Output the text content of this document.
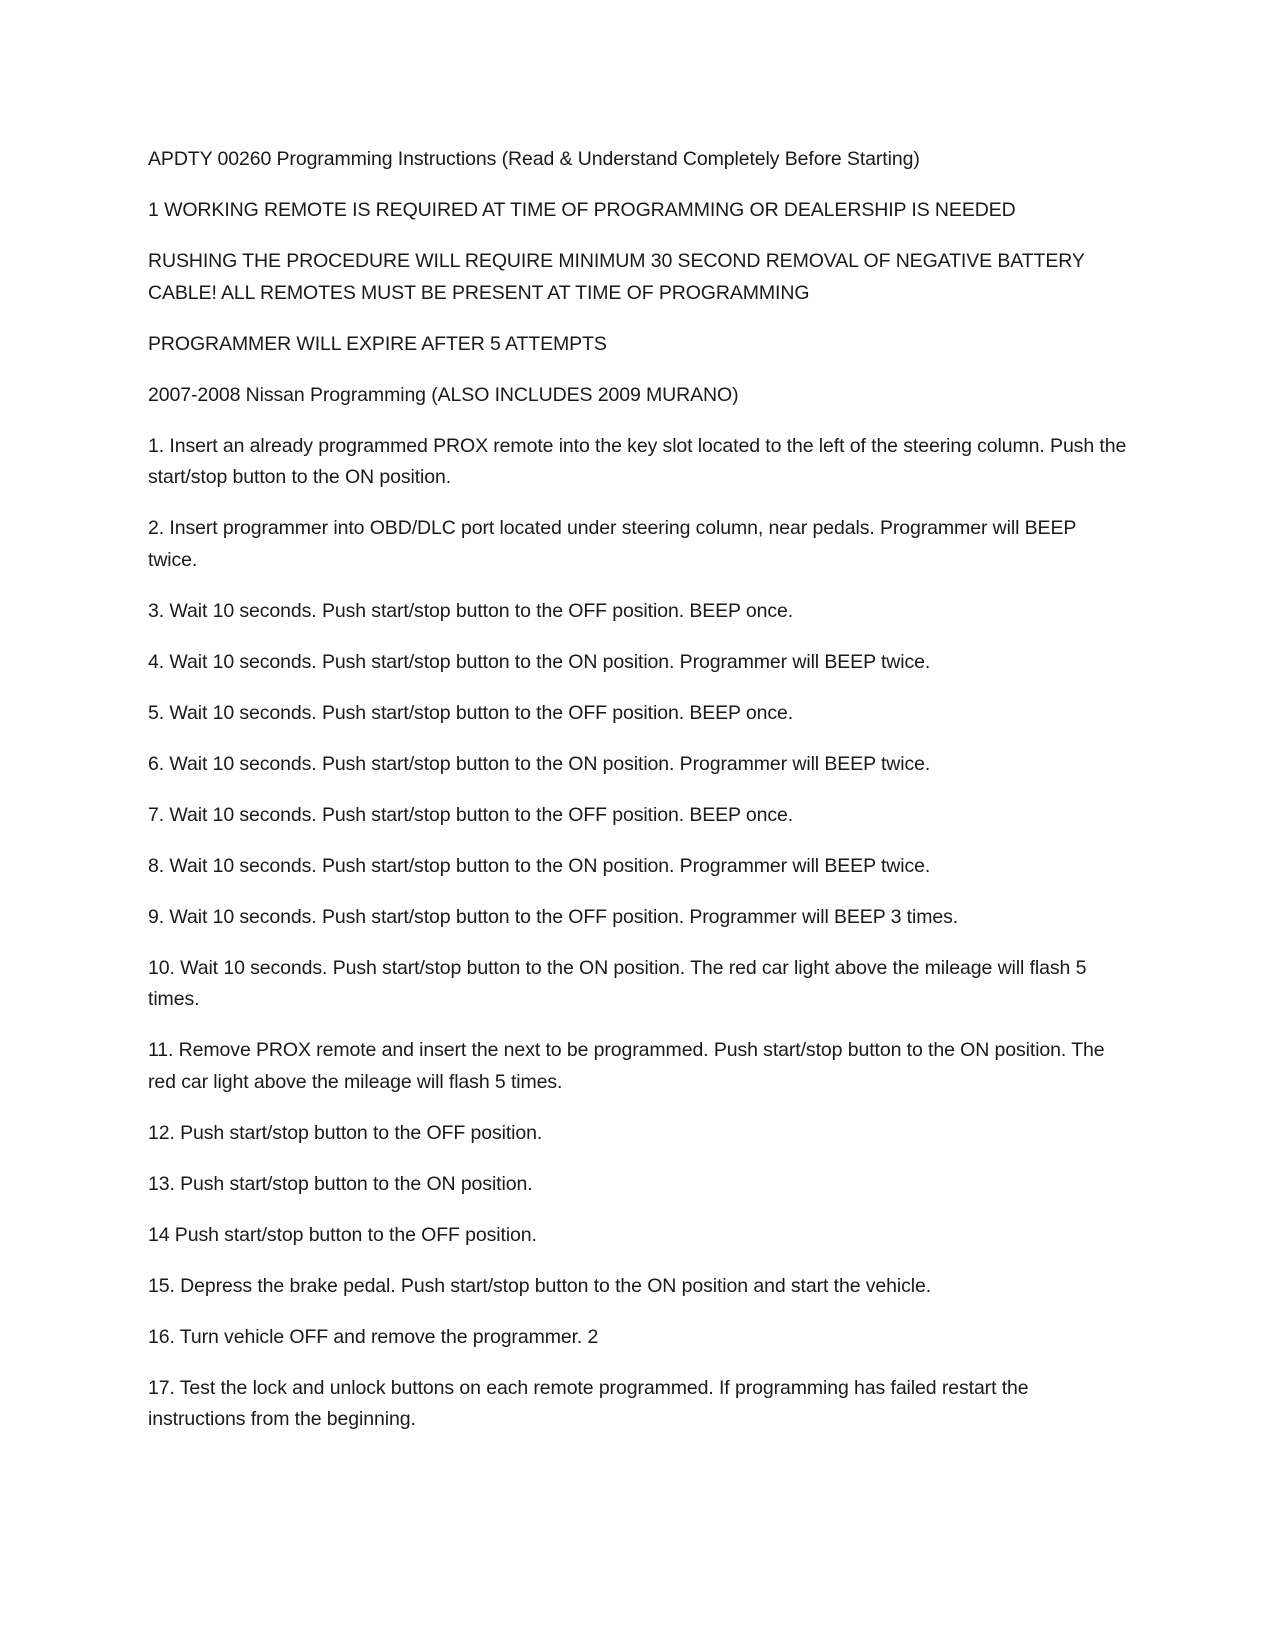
APDTY 00260 Programming Instructions (Read & Understand Completely Before Starting)

1 WORKING REMOTE IS REQUIRED AT TIME OF PROGRAMMING OR DEALERSHIP IS NEEDED

RUSHING THE PROCEDURE WILL REQUIRE MINIMUM 30 SECOND REMOVAL OF NEGATIVE BATTERY CABLE! ALL REMOTES MUST BE PRESENT AT TIME OF PROGRAMMING

PROGRAMMER WILL EXPIRE AFTER 5 ATTEMPTS

2007-2008 Nissan Programming (ALSO INCLUDES 2009 MURANO)

1. Insert an already programmed PROX remote into the key slot located to the left of the steering column. Push the start/stop button to the ON position.

2. Insert programmer into OBD/DLC port located under steering column, near pedals. Programmer will BEEP twice.

3. Wait 10 seconds. Push start/stop button to the OFF position. BEEP once.

4. Wait 10 seconds. Push start/stop button to the ON position. Programmer will BEEP twice.

5. Wait 10 seconds. Push start/stop button to the OFF position. BEEP once.

6. Wait 10 seconds. Push start/stop button to the ON position. Programmer will BEEP twice.

7. Wait 10 seconds. Push start/stop button to the OFF position. BEEP once.

8. Wait 10 seconds. Push start/stop button to the ON position. Programmer will BEEP twice.

9. Wait 10 seconds. Push start/stop button to the OFF position. Programmer will BEEP 3 times.

10. Wait 10 seconds. Push start/stop button to the ON position. The red car light above the mileage will flash 5 times.

11. Remove PROX remote and insert the next to be programmed. Push start/stop button to the ON position. The red car light above the mileage will flash 5 times.

12. Push start/stop button to the OFF position.

13. Push start/stop button to the ON position.

14 Push start/stop button to the OFF position.

15. Depress the brake pedal. Push start/stop button to the ON position and start the vehicle.

16. Turn vehicle OFF and remove the programmer. 2

17. Test the lock and unlock buttons on each remote programmed. If programming has failed restart the instructions from the beginning.
